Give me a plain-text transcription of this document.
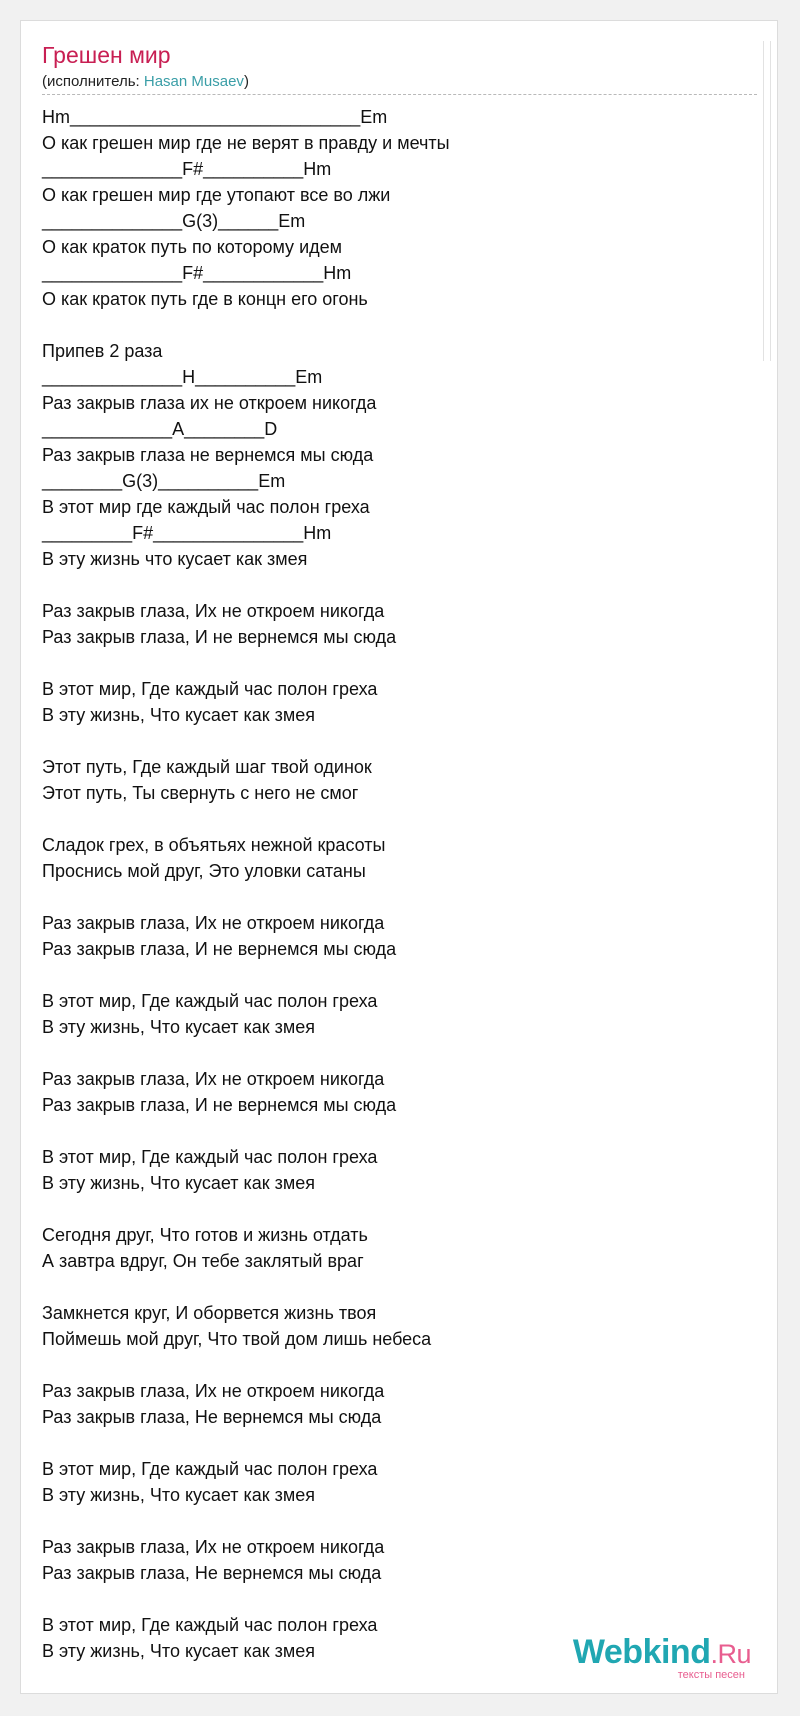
Грешен мир
(исполнитель: Hasan Musaev)
Hm_____________________________Em
О как грешен мир где не верят в правду и мечты
______________F#__________Hm
О как грешен мир где утопают все во лжи
______________G(3)______Em
О как краток путь по которому идем
______________F#____________Hm
О как краток путь где в концн его огонь
Припев 2 раза
______________H__________Em
Раз закрыв глаза их не откроем никогда
_____________A________D
Раз закрыв глаза не вернемся мы сюда
________G(3)__________Em
В этот мир где каждый час полон греха
_________F#_______________Hm
В эту жизнь что кусает как змея
Раз закрыв глаза, Их не откроем никогда
Раз закрыв глаза, И не вернемся мы сюда
В этот мир, Где каждый час полон греха
В эту жизнь, Что кусает как змея
Этот путь, Где каждый шаг твой одинок
Этот путь, Ты свернуть с него не смог
Сладок грех, в объятьях нежной красоты
Проснись мой друг, Это уловки сатаны
Раз закрыв глаза, Их не откроем никогда
Раз закрыв глаза, И не вернемся мы сюда
В этот мир, Где каждый час полон греха
В эту жизнь, Что кусает как змея
Раз закрыв глаза, Их не откроем никогда
Раз закрыв глаза, И не вернемся мы сюда
В этот мир, Где каждый час полон греха
В эту жизнь, Что кусает как змея
Сегодня друг, Что готов и жизнь отдать
А завтра вдруг, Он тебе заклятый враг
Замкнется круг, И оборвется жизнь твоя
Поймешь мой друг, Что твой дом лишь небеса
Раз закрыв глаза, Их не откроем никогда
Раз закрыв глаза, Не вернемся мы сюда
В этот мир, Где каждый час полон греха
В эту жизнь, Что кусает как змея
Раз закрыв глаза, Их не откроем никогда
Раз закрыв глаза, Не вернемся мы сюда
В этот мир, Где каждый час полон греха
В эту жизнь, Что кусает как змея	Webkind.Ru
тексты песен
